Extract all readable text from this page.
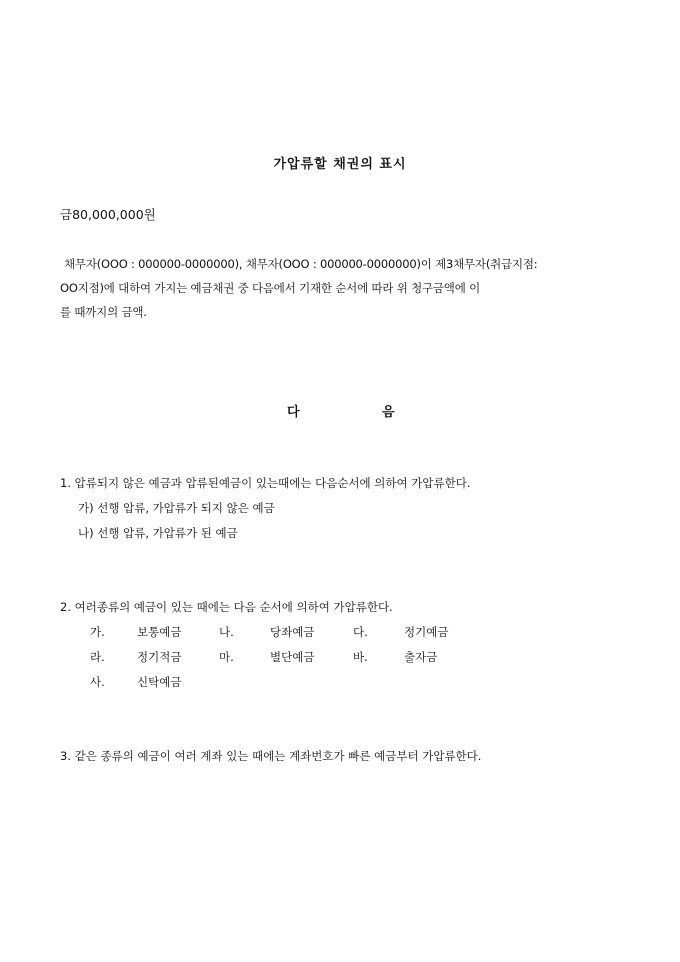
가압류할 채권의 표시
금80,000,000원
채무자(OOO : 000000-0000000), 채무자(OOO : 000000-0000000)이 제3채무자(취급지점:
OO지점)에 대하여 가지는 예금채권 중 다음에서 기재한 순서에 따라 위 청구금액에 이
를 때까지의 금액.
다	음
1. 압류되지 않은 예금과 압류된예금이 있는때에는 다음순서에 의하여 가압류한다.
가) 선행 압류, 가압류가 되지 않은 예금
나) 선행 압류, 가압류가 된 예금
2. 여러종류의 예금이 있는 때에는 다음 순서에 의하여 가압류한다.
가.	보통예금	나.	당좌예금	다.	정기예금
라.	정기적금	마.	별단예금	바.	출자금
사.	신탁예금
3. 같은 종류의 예금이 여러 계좌 있는 때에는 계좌번호가 빠른 예금부터 가압류한다.
